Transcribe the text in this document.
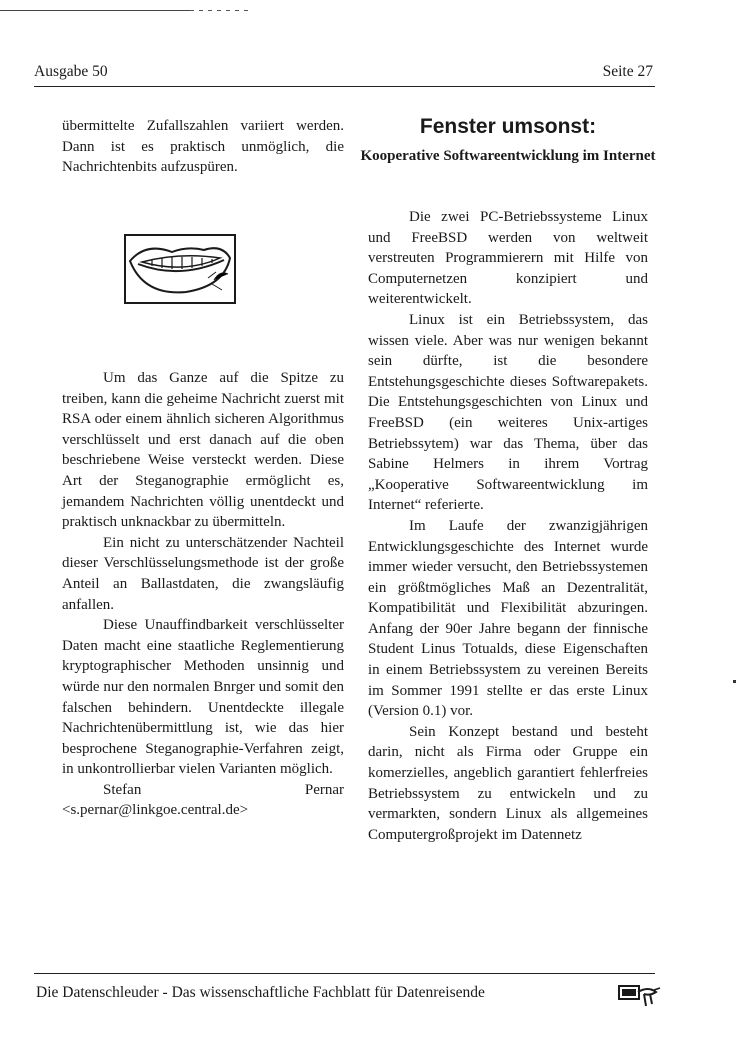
Ausgabe 50	Seite 27

übermittelte Zufallszahlen variiert werden. Dann ist es praktisch unmöglich, die Nachrichtenbits aufzuspüren.

Um das Ganze auf die Spitze zu treiben, kann die geheime Nachricht zuerst mit RSA oder einem ähnlich sicheren Algorithmus verschlüsselt und erst danach auf die oben beschriebene Weise versteckt werden. Diese Art der Steganographie ermöglicht es, jemandem Nachrichten völlig unentdeckt und praktisch unknackbar zu übermitteln.

Ein nicht zu unterschätzender Nachteil dieser Verschlüsselungsmethode ist der große Anteil an Ballastdaten, die zwangsläufig anfallen.

Diese Unauffindbarkeit verschlüsselter Daten macht eine staatliche Reglementierung kryptographischer Methoden unsinnig und würde nur den normalen Bnrger und somit den falschen behindern. Unentdeckte illegale Nachrichtenübermittlung ist, wie das hier besprochene Steganographie-Verfahren zeigt, in unkontrollierbar vielen Varianten möglich.

Stefan Pernar <s.pernar@linkgoe.central.de>

Fenster umsonst:
Kooperative Softwareentwicklung im Internet

Die zwei PC-Betriebssysteme Linux und FreeBSD werden von weltweit verstreuten Programmierern mit Hilfe von Computernetzen konzipiert und weiterentwickelt.

Linux ist ein Betriebssystem, das wissen viele. Aber was nur wenigen bekannt sein dürfte, ist die besondere Entstehungsgeschichte dieses Softwarepakets. Die Entstehungsgeschichten von Linux und FreeBSD (ein weiteres Unix-artiges Betriebssytem) war das Thema, über das Sabine Helmers in ihrem Vortrag „Kooperative Softwareentwicklung im Internet“ referierte.

Im Laufe der zwanzigjährigen Entwicklungsgeschichte des Internet wurde immer wieder versucht, den Betriebssystemen ein größtmögliches Maß an Dezentralität, Kompatibilität und Flexibilität abzuringen. Anfang der 90er Jahre begann der finnische Student Linus Totualds, diese Eigenschaften in einem Betriebssystem zu vereinen Bereits im Sommer 1991 stellte er das erste Linux (Version 0.1) vor.

Sein Konzept bestand und besteht darin, nicht als Firma oder Gruppe ein komerzielles, angeblich garantiert fehlerfreies Betriebssystem zu entwickeln und zu vermarkten, sondern Linux als allgemeines Computergroßprojekt im Datennetz

Die Datenschleuder - Das wissenschaftliche Fachblatt für Datenreisende
